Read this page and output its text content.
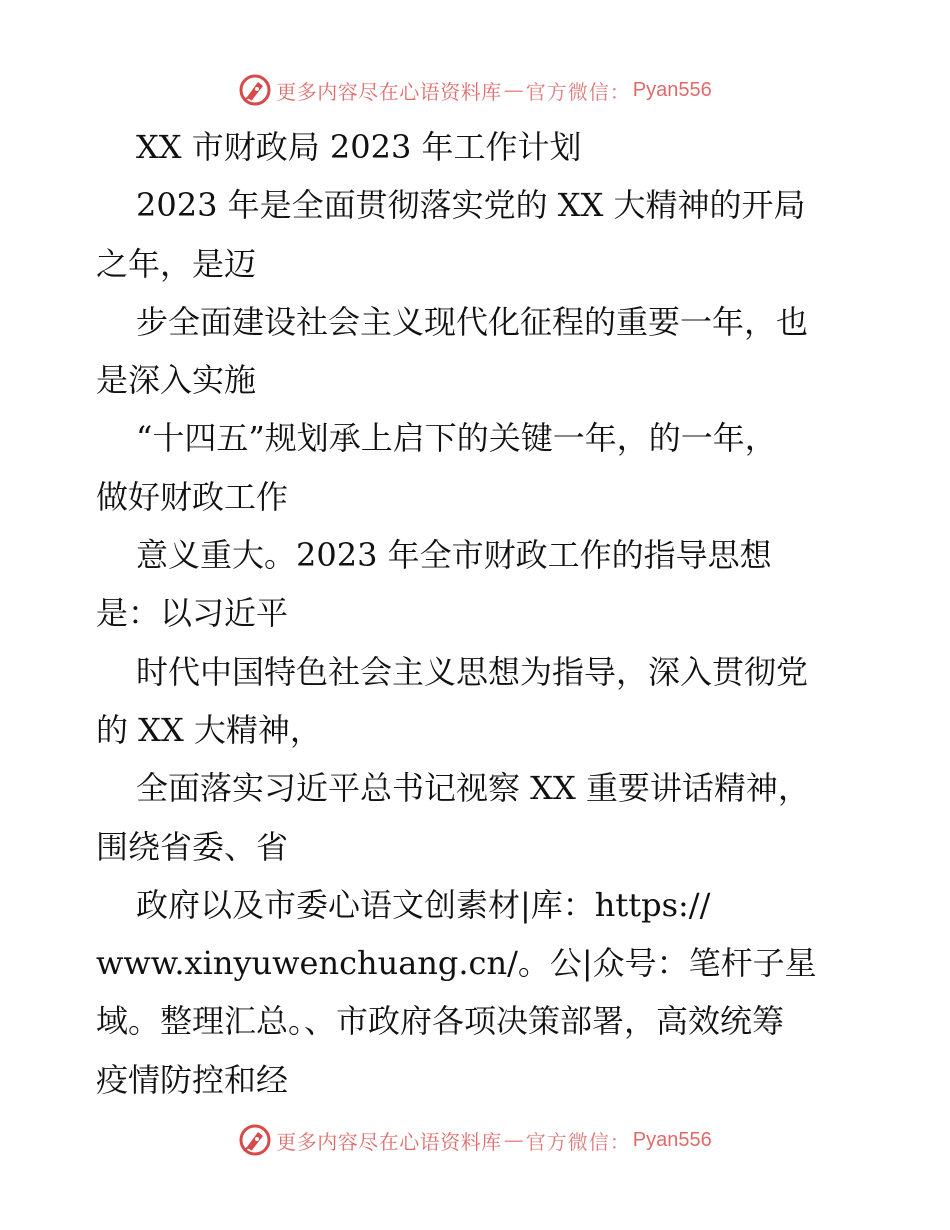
更多内容尽在心语资料库 — 官方微信： Pyan556
XX 市财政局 2023 年工作计划
2023 年是全面贯彻落实党的 XX 大精神的开局
之年，是迈
步全面建设社会主义现代化征程的重要一年，也
是深入实施
“十四五”规划承上启下的关键一年，的一年，
做好财政工作
意义重大。2023 年全市财政工作的指导思想
是：以习近平
时代中国特色社会主义思想为指导，深入贯彻党
的 XX 大精神，
全面落实习近平总书记视察 XX 重要讲话精神，
围绕省委、省
政府以及市委心语文创素材|库：https://
www.xinyuwenchuang.cn/。公|众号：笔杆子星
域。整理汇总。、市政府各项决策部署，高效统筹
疫情防控和经
更多内容尽在心语资料库 — 官方微信： Pyan556
